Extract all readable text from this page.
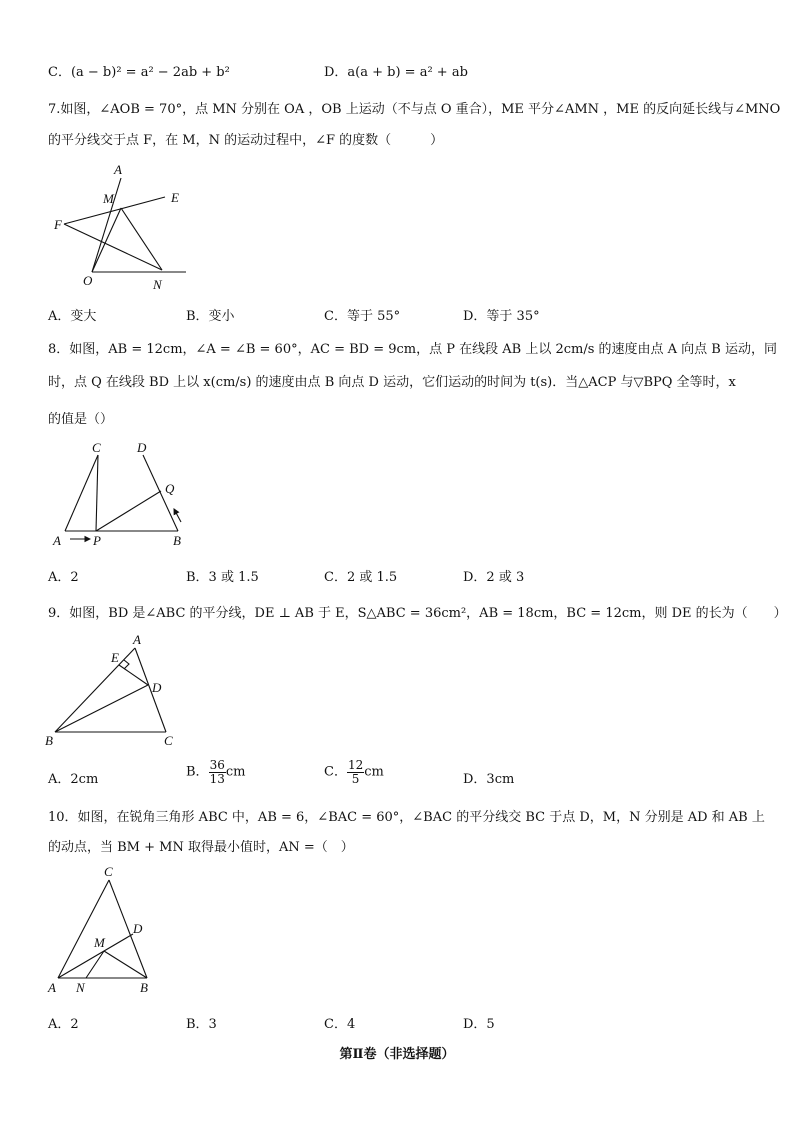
C．(a − b)² = a² − 2ab + b²	D．a(a + b) = a² + ab
7.如图，∠AOB = 70°，点 MN 分别在 OA ，OB 上运动（不与点 O 重合），ME 平分∠AMN ，ME 的反向延长线与∠MNO
的平分线交于点 F，在 M，N 的运动过程中，∠F 的度数（　　　）
A
M	E
F
O	N
A．变大	B．变小	C．等于 55°	D．等于 35°
8．如图，AB = 12cm，∠A = ∠B = 60°，AC = BD = 9cm，点 P 在线段 AB 上以 2cm/s 的速度由点 A 向点 B 运动，同
时，点 Q 在线段 BD 上以 x(cm/s) 的速度由点 B 向点 D 运动，它们运动的时间为 t(s)．当△ACP 与▽BPQ 全等时，x
的值是（）
C	D
Q
A P	B
A．2	B．3 或 1.5	C．2 或 1.5	D．2 或 3
9．如图，BD 是∠ABC 的平分线，DE ⊥ AB 于 E，S△ABC = 36cm²，AB = 18cm，BC = 12cm，则 DE 的长为（　　）
A
E
D
B	C
A．2cm	B． $\frac{36}{13}$ cm	C． $\frac{12}{5}$ cm	D．3cm
10．如图，在锐角三角形 ABC 中，AB = 6，∠BAC = 60°，∠BAC 的平分线交 BC 于点 D，M，N 分别是 AD 和 AB 上
的动点，当 BM + MN 取得最小值时，AN =（　）
C
D
M
A N	B
A．2	B．3	C．4	D．5
第Ⅱ卷（非选择题）
